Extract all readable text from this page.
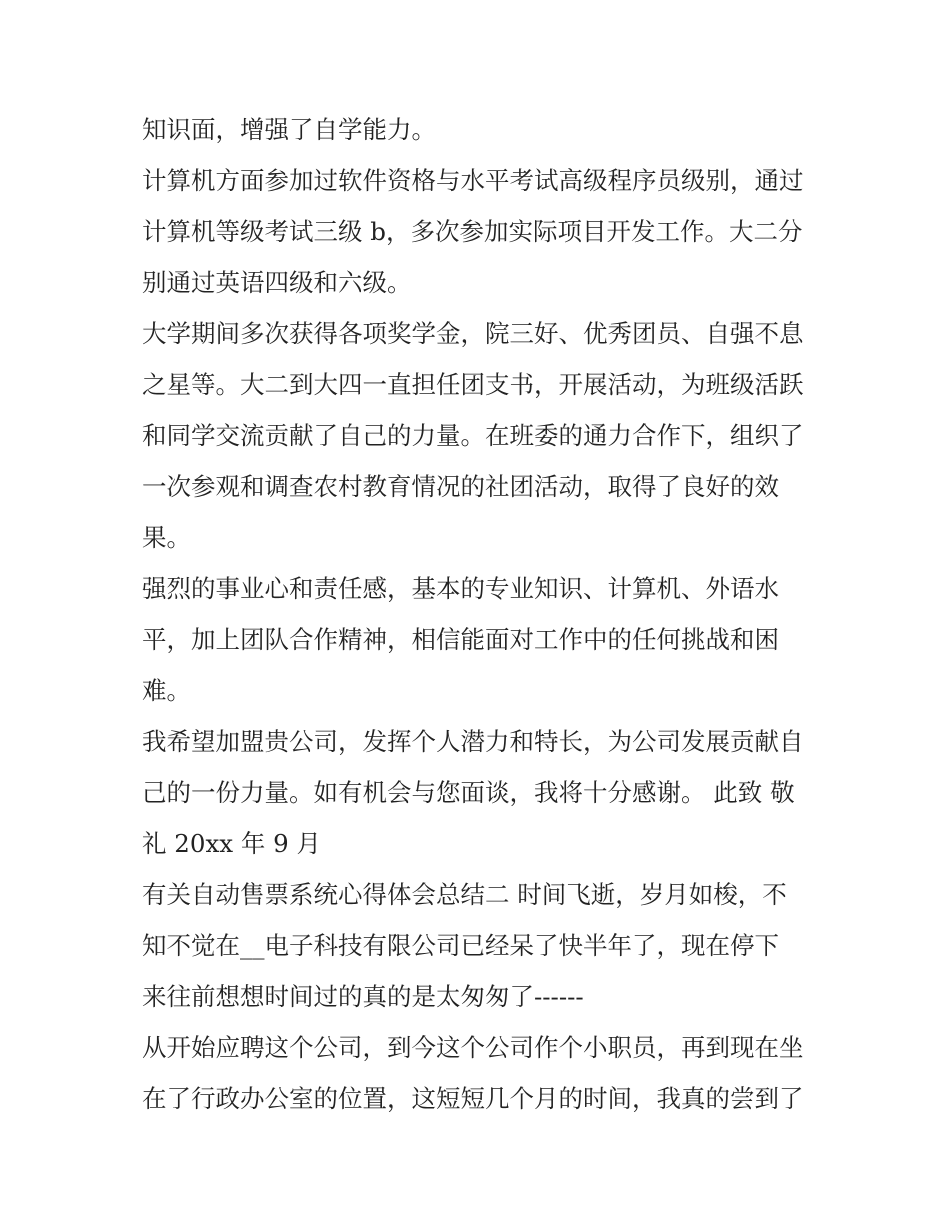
知识面，增强了自学能力。
计算机方面参加过软件资格与水平考试高级程序员级别，通过
计算机等级考试三级 b，多次参加实际项目开发工作。大二分
别通过英语四级和六级。
大学期间多次获得各项奖学金，院三好、优秀团员、自强不息
之星等。大二到大四一直担任团支书，开展活动，为班级活跃
和同学交流贡献了自己的力量。在班委的通力合作下，组织了
一次参观和调查农村教育情况的社团活动，取得了良好的效
果。
强烈的事业心和责任感，基本的专业知识、计算机、外语水
平，加上团队合作精神，相信能面对工作中的任何挑战和困
难。
我希望加盟贵公司，发挥个人潜力和特长，为公司发展贡献自
己的一份力量。如有机会与您面谈，我将十分感谢。 此致 敬
礼 20xx 年 9 月
有关自动售票系统心得体会总结二 时间飞逝，岁月如梭，不
知不觉在__电子科技有限公司已经呆了快半年了，现在停下
来往前想想时间过的真的是太匆匆了------
从开始应聘这个公司，到今这个公司作个小职员，再到现在坐
在了行政办公室的位置，这短短几个月的时间，我真的尝到了
